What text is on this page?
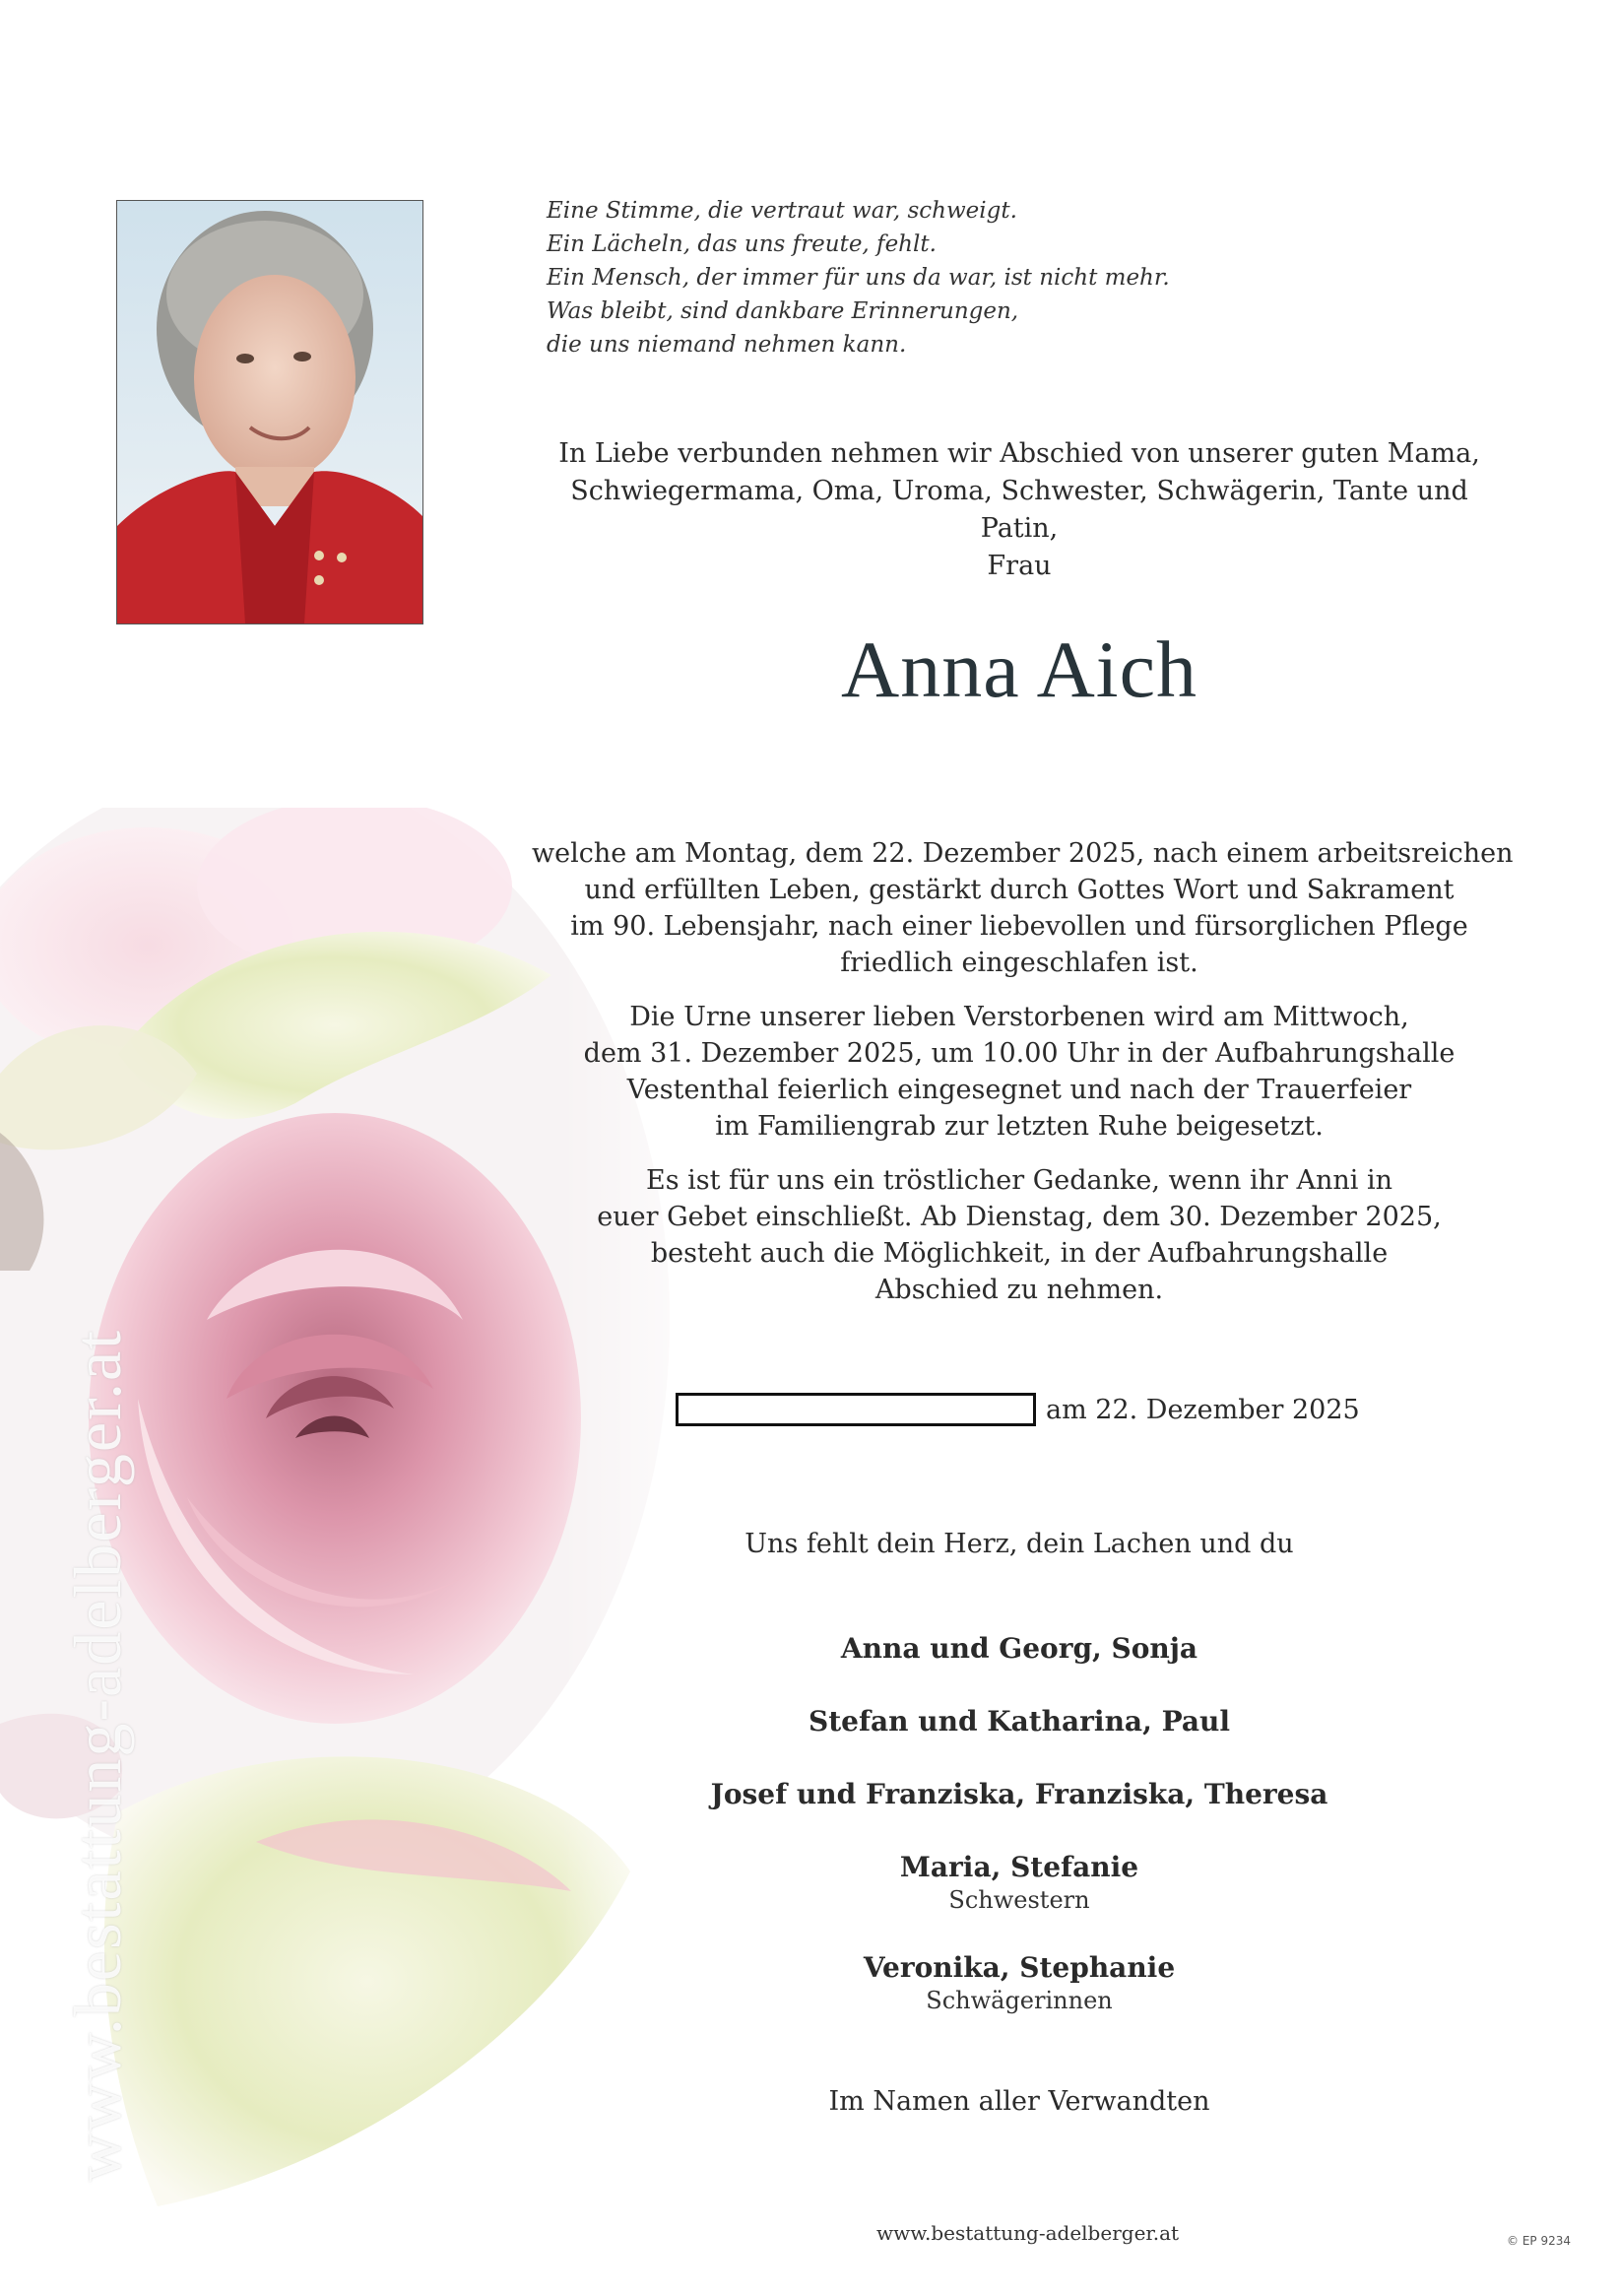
www.bestattung-adelberger.at
Eine Stimme, die vertraut war, schweigt.
Ein Lächeln, das uns freute, fehlt.
Ein Mensch, der immer für uns da war, ist nicht mehr.
Was bleibt, sind dankbare Erinnerungen,
die uns niemand nehmen kann.
In Liebe verbunden nehmen wir Abschied von unserer guten Mama,
Schwiegermama, Oma, Uroma, Schwester, Schwägerin, Tante und Patin,
Frau
Anna Aich

welche am Montag, dem 22. Dezember 2025, nach einem arbeitsreichen
und erfüllten Leben, gestärkt durch Gottes Wort und Sakrament
im 90. Lebensjahr, nach einer liebevollen und fürsorglichen Pflege
friedlich eingeschlafen ist.

Die Urne unserer lieben Verstorbenen wird am Mittwoch,
dem 31. Dezember 2025, um 10.00 Uhr in der Aufbahrungshalle
Vestenthal feierlich eingesegnet und nach der Trauerfeier
im Familiengrab zur letzten Ruhe beigesetzt.

Es ist für uns ein tröstlicher Gedanke, wenn ihr Anni in
euer Gebet einschließt. Ab Dienstag, dem 30. Dezember 2025,
besteht auch die Möglichkeit, in der Aufbahrungshalle
Abschied zu nehmen.

am 22. Dezember 2025
Uns fehlt dein Herz, dein Lachen und du
Anna und Georg, Sonja
Stefan und Katharina, Paul
Josef und Franziska, Franziska, Theresa
Maria, Stefanie
Schwestern
Veronika, Stephanie
Schwägerinnen
Im Namen aller Verwandten
www.bestattung-adelberger.at	© EP 9234
